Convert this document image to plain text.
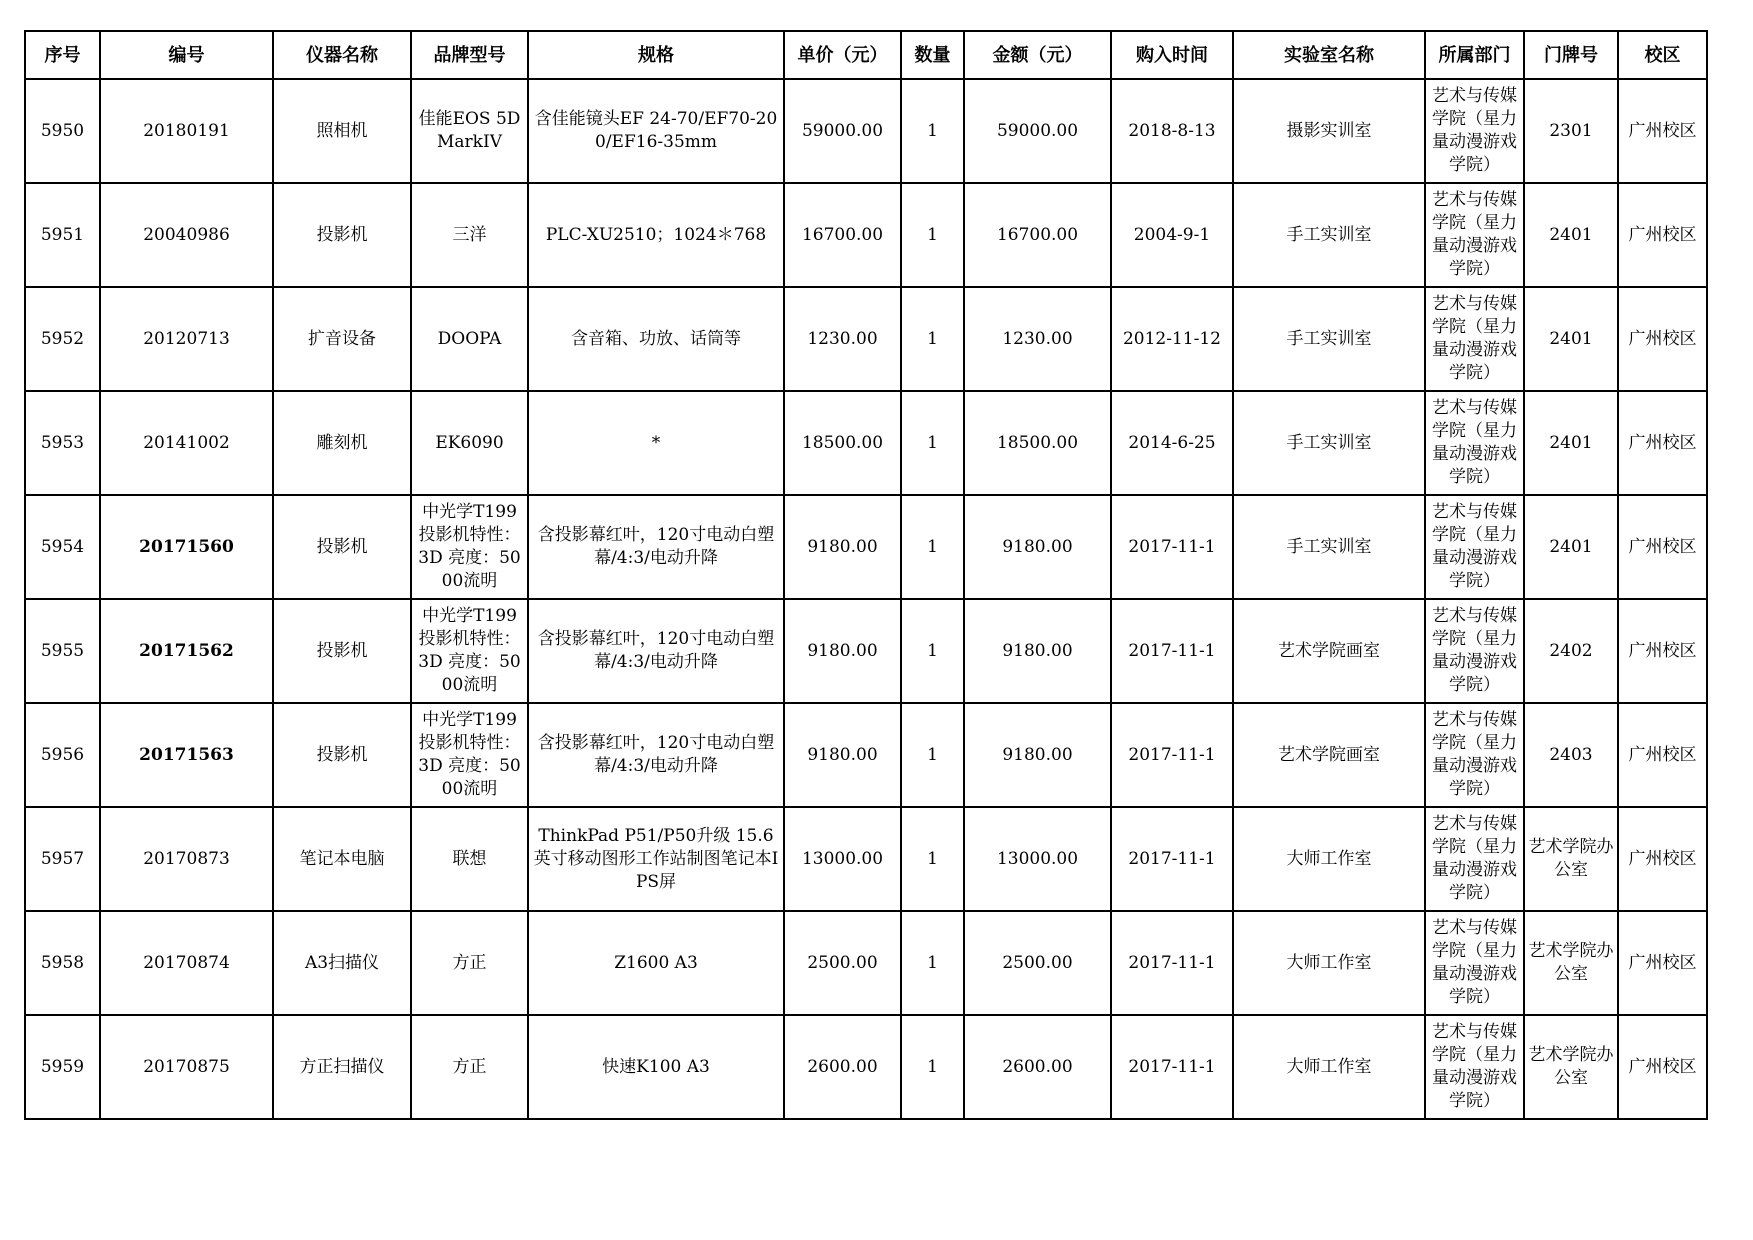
序号	编号	仪器名称	品牌型号	规格	单价（元）	数量	金额（元）	购入时间	实验室名称	所属部门	门牌号	校区

5950	20180191	照相机	佳能EOS 5D MarkIV	含佳能镜头EF 24-70/EF70-200/EF16-35mm	59000.00	1	59000.00	2018-8-13	摄影实训室	艺术与传媒学院（星力量动漫游戏学院）	2301	广州校区

5951	20040986	投影机	三洋	PLC-XU2510；1024＊768	16700.00	1	16700.00	2004-9-1	手工实训室	艺术与传媒学院（星力量动漫游戏学院）	2401	广州校区

5952	20120713	扩音设备	DOOPA	含音箱、功放、话筒等	1230.00	1	1230.00	2012-11-12	手工实训室	艺术与传媒学院（星力量动漫游戏学院）	2401	广州校区

5953	20141002	雕刻机	EK6090	*	18500.00	1	18500.00	2014-6-25	手工实训室	艺术与传媒学院（星力量动漫游戏学院）	2401	广州校区

5954	20171560	投影机	中光学T199投影机特性：3D 亮度：5000流明	含投影幕红叶，120寸电动白塑幕/4:3/电动升降	9180.00	1	9180.00	2017-11-1	手工实训室	艺术与传媒学院（星力量动漫游戏学院）	2401	广州校区

5955	20171562	投影机	中光学T199投影机特性：3D 亮度：5000流明	含投影幕红叶，120寸电动白塑幕/4:3/电动升降	9180.00	1	9180.00	2017-11-1	艺术学院画室	艺术与传媒学院（星力量动漫游戏学院）	2402	广州校区

5956	20171563	投影机	中光学T199投影机特性：3D 亮度：5000流明	含投影幕红叶，120寸电动白塑幕/4:3/电动升降	9180.00	1	9180.00	2017-11-1	艺术学院画室	艺术与传媒学院（星力量动漫游戏学院）	2403	广州校区

5957	20170873	笔记本电脑	联想	ThinkPad P51/P50升级 15.6英寸移动图形工作站制图笔记本IPS屏	13000.00	1	13000.00	2017-11-1	大师工作室	艺术与传媒学院（星力量动漫游戏学院）	艺术学院办公室	广州校区

5958	20170874	A3扫描仪	方正	Z1600 A3	2500.00	1	2500.00	2017-11-1	大师工作室	艺术与传媒学院（星力量动漫游戏学院）	艺术学院办公室	广州校区

5959	20170875	方正扫描仪	方正	快速K100 A3	2600.00	1	2600.00	2017-11-1	大师工作室	艺术与传媒学院（星力量动漫游戏学院）	艺术学院办公室	广州校区
